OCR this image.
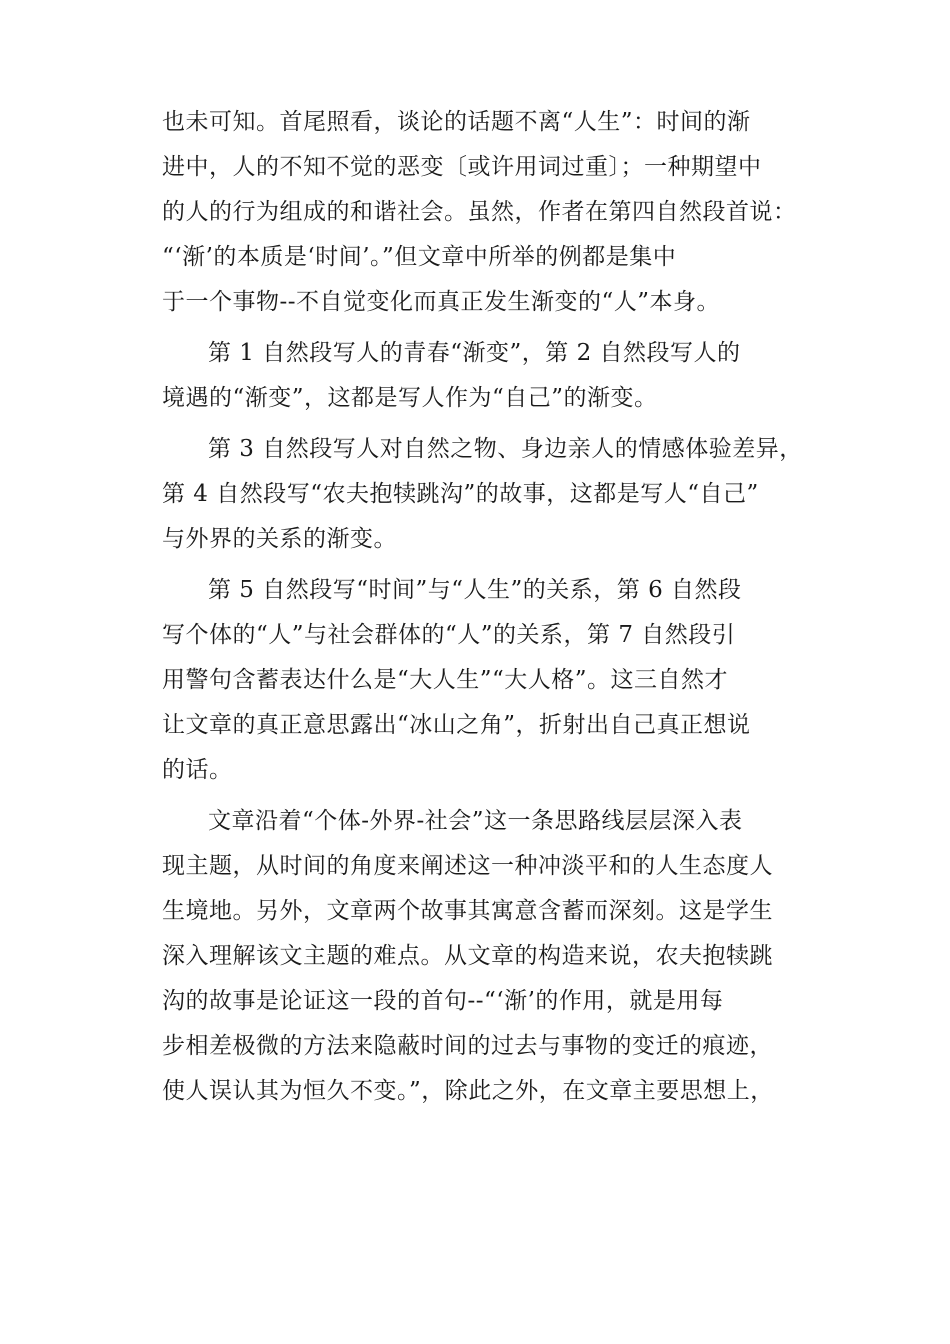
也未可知。首尾照看，谈论的话题不离“人生”：时间的渐
进中，人的不知不觉的恶变〔或许用词过重〕；一种期望中
的人的行为组成的和谐社会。虽然，作者在第四自然段首说：
“‘渐’的本质是‘时间’。”但文章中所举的例都是集中
于一个事物--不自觉变化而真正发生渐变的“人”本身。

第 1 自然段写人的青春“渐变”，第 2 自然段写人的
境遇的“渐变”，这都是写人作为“自己”的渐变。

第 3 自然段写人对自然之物、身边亲人的情感体验差异，
第 4 自然段写“农夫抱犊跳沟”的故事，这都是写人“自己”
与外界的关系的渐变。

第 5 自然段写“时间”与“人生”的关系，第 6 自然段
写个体的“人”与社会群体的“人”的关系，第 7 自然段引
用警句含蓄表达什么是“大人生”“大人格”。这三自然才
让文章的真正意思露出“冰山之角”，折射出自己真正想说
的话。

文章沿着“个体-外界-社会”这一条思路线层层深入表
现主题，从时间的角度来阐述这一种冲淡平和的人生态度人
生境地。另外，文章两个故事其寓意含蓄而深刻。这是学生
深入理解该文主题的难点。从文章的构造来说，农夫抱犊跳
沟的故事是论证这一段的首句--“‘渐’的作用，就是用每
步相差极微的方法来隐蔽时间的过去与事物的变迁的痕迹，
使人误认其为恒久不变。”，除此之外，在文章主要思想上，
